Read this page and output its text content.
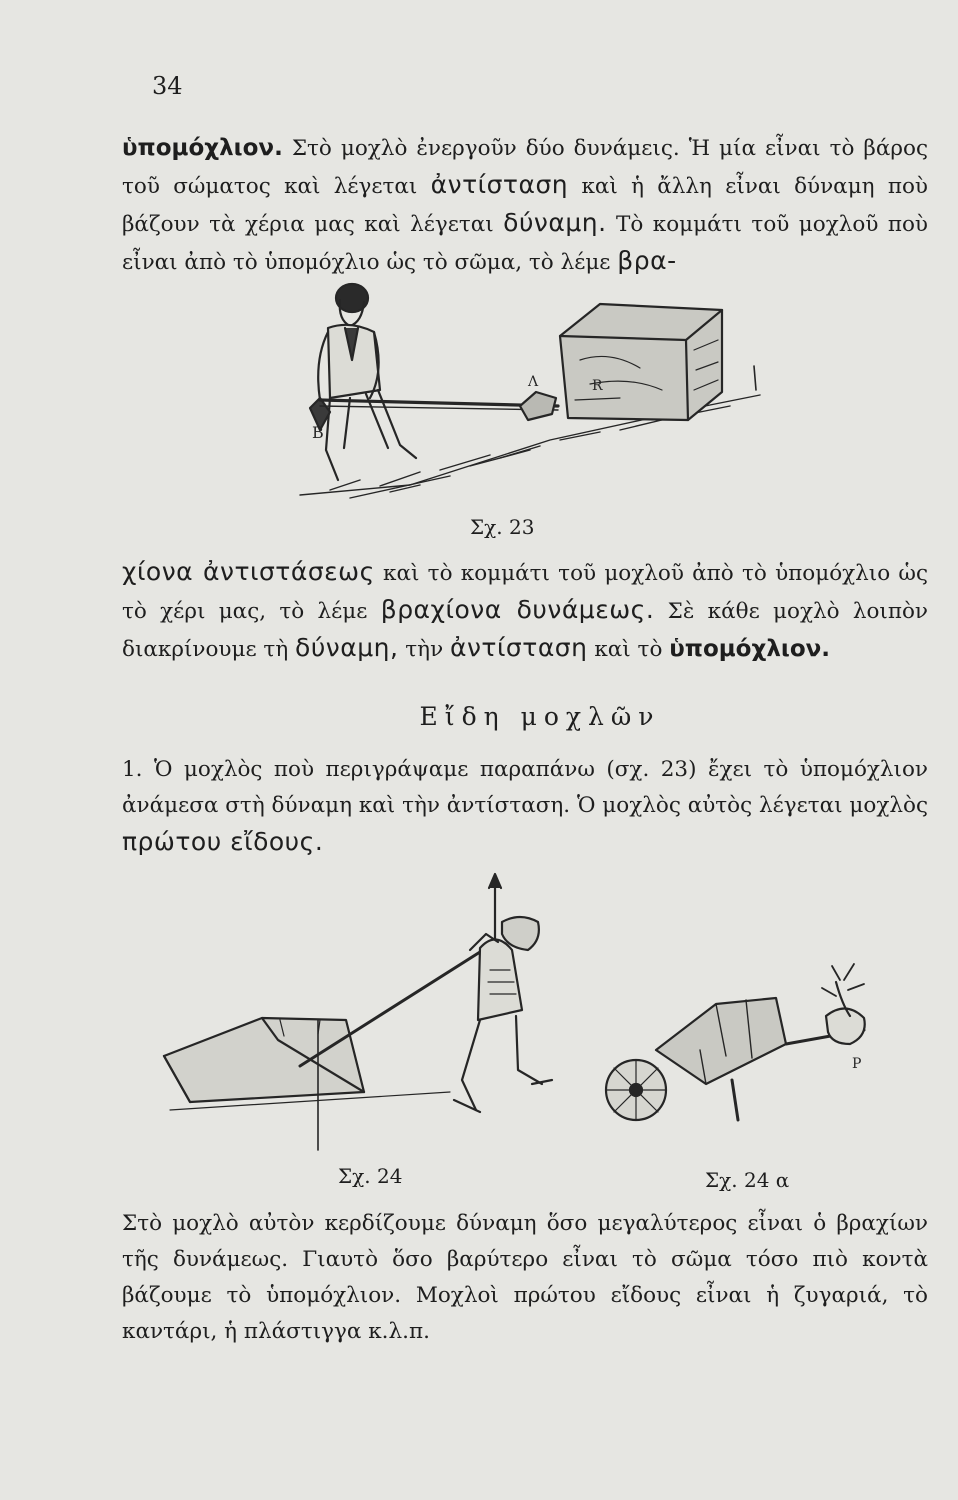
34
ὑπομόχλιον. Στὸ μοχλὸ ἐνεργοῦν δύο δυνάμεις. Ἡ μία εἶναι τὸ βάρος τοῦ σώματος καὶ λέγεται ἀντίσταση καὶ ἡ ἄλλη εἶναι δύναμη ποὺ βάζουν τὰ χέρια μας καὶ λέγεται δύναμη. Τὸ κομμάτι τοῦ μοχλοῦ ποὺ εἶναι ἀπὸ τὸ ὑπομόχλιο ὡς τὸ σῶμα, τὸ λέμε βρα-
R
B
Λ
Σχ. 23
χίονα ἀντιστάσεως καὶ τὸ κομμάτι τοῦ μοχλοῦ ἀπὸ τὸ ὑπομόχλιο ὡς τὸ χέρι μας, τὸ λέμε βραχίονα δυνάμεως. Σὲ κάθε μοχλὸ λοιπὸν διακρίνουμε τὴ δύναμη, τὴν ἀντίσταση καὶ τὸ ὑπομόχλιον.
Εἴδη μοχλῶν
1. Ὁ μοχλὸς ποὺ περιγράψαμε παραπάνω (σχ. 23) ἔχει τὸ ὑπομόχλιον ἀνάμεσα στὴ δύναμη καὶ τὴν ἀντίσταση. Ὁ μοχλὸς αὐτὸς λέγεται μοχλὸς πρώτου εἴδους.
Σχ. 24
P
Σχ. 24 α
Στὸ μοχλὸ αὐτὸν κερδίζουμε δύναμη ὅσο μεγαλύτερος εἶναι ὁ βραχίων τῆς δυνάμεως. Γιαυτὸ ὅσο βαρύτερο εἶναι τὸ σῶμα τόσο πιὸ κοντὰ βάζουμε τὸ ὑπομόχλιον. Μοχλοὶ πρώτου εἴδους εἶναι ἡ ζυγαριά, τὸ καντάρι, ἡ πλάστιγγα κ.λ.π.
